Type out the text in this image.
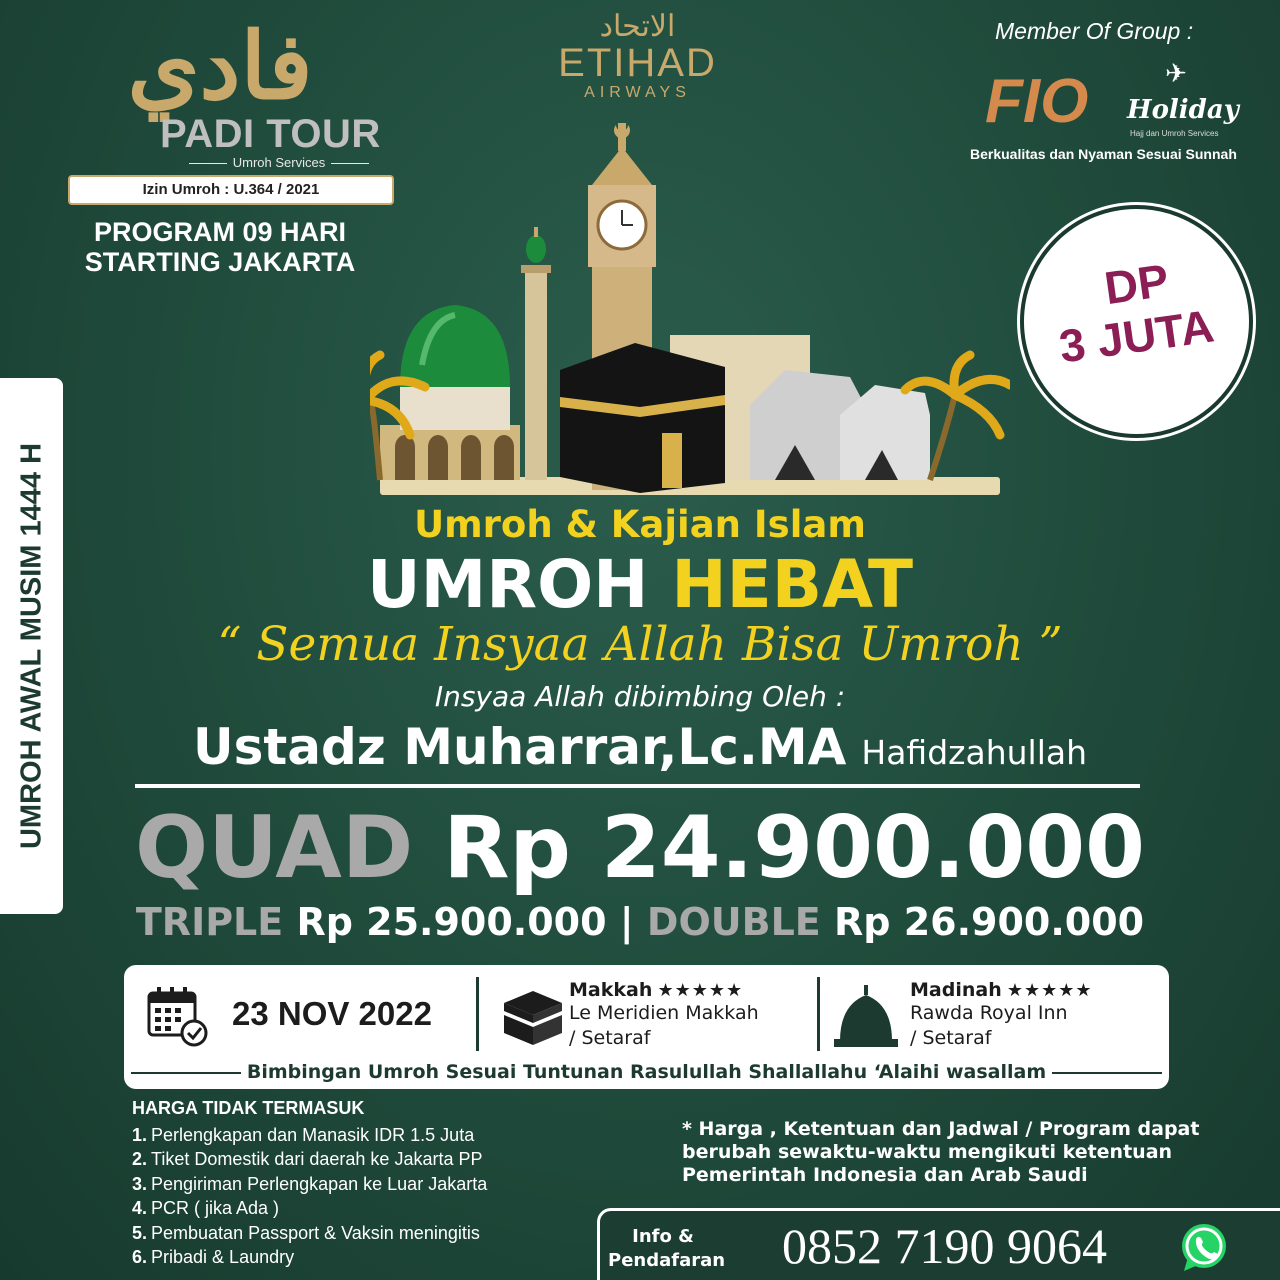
فادي
PADI TOUR
Umroh Services
Izin Umroh : U.364 / 2021
PROGRAM 09 HARI
STARTING JAKARTA
الاتحاد
ETIHAD
AIRWAYS
Member Of Group :
FIO	✈
Holiday
Hajj dan Umroh Services
Berkualitas dan Nyaman Sesuai Sunnah
DP
3 JUTA
UMROH AWAL MUSIM 1444 H	Umroh & Kajian Islam
UMROH HEBAT
“ Semua Insyaa Allah Bisa Umroh ”
Insyaa Allah dibimbing Oleh :
Ustadz Muharrar,Lc.MA Hafidzahullah
QUAD Rp 24.900.000
TRIPLE Rp 25.900.000 | DOUBLE Rp 26.900.000
23 NOV 2022
Makkah ★★★★★
Le Meridien Makkah
/ Setaraf
Madinah ★★★★★
Rawda Royal Inn
/ Setaraf
Bimbingan Umroh Sesuai Tuntunan Rasulullah Shallallahu ‘Alaihi wasallam
HARGA TIDAK TERMASUK
1. Perlengkapan dan Manasik IDR 1.5 Juta
2. Tiket Domestik dari daerah ke Jakarta PP
3. Pengiriman Perlengkapan ke Luar Jakarta
4. PCR ( jika Ada )
5. Pembuatan Passport & Vaksin meningitis
6. Pribadi & Laundry
* Harga , Ketentuan dan Jadwal / Program dapat berubah sewaktu-waktu mengikuti ketentuan Pemerintah Indonesia dan Arab Saudi
Info &
Pendafaran 0852 7190 9064
